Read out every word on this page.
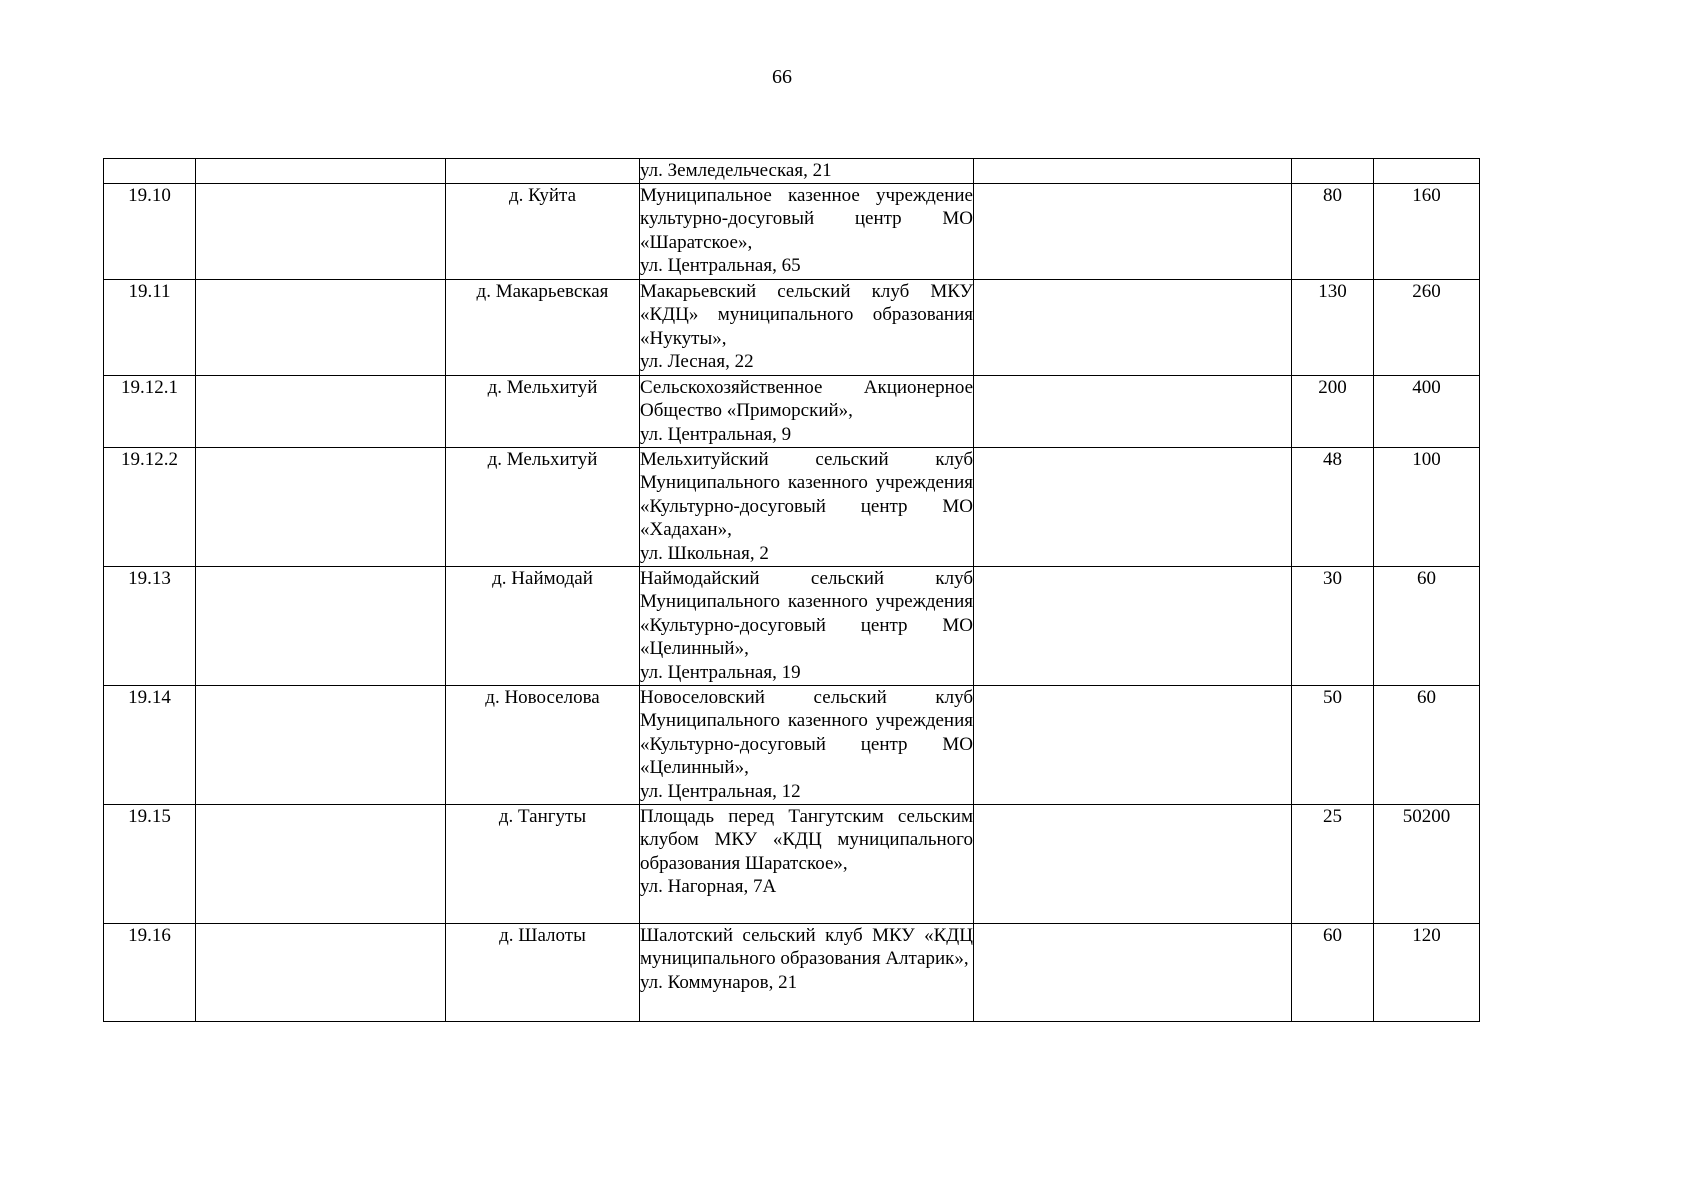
66

			ул. Земледельческая, 21			

19.10		д. Куйта	Муниципальное казенное учреждение культурно-досуговый центр МО «Шаратское»,
ул. Центральная, 65		80	160
19.11		д. Макарьевская	Макарьевский сельский клуб МКУ «КДЦ» муниципального образования «Нукуты»,
ул. Лесная, 22		130	260
19.12.1		д. Мельхитуй	Сельскохозяйственное Акционерное Общество «Приморский»,
ул. Центральная, 9		200	400
19.12.2		д. Мельхитуй	Мельхитуйский сельский клуб Муниципального казенного учреждения «Культурно-досуговый центр МО «Хадахан»,
ул. Школьная, 2		48	100
19.13		д. Наймодай	Наймодайский сельский клуб Муниципального казенного учреждения «Культурно-досуговый центр МО «Целинный»,
ул. Центральная, 19		30	60
19.14		д. Новоселова	Новоселовский сельский клуб Муниципального казенного учреждения «Культурно-досуговый центр МО «Целинный»,
ул. Центральная, 12		50	60
19.15		д. Тангуты	Площадь перед Тангутским сельским клубом МКУ «КДЦ муниципального образования Шаратское»,
ул. Нагорная, 7А		25	50200
19.16		д. Шалоты	Шалотский сельский клуб МКУ «КДЦ муниципального образования Алтарик»,
ул. Коммунаров, 21		60	120
